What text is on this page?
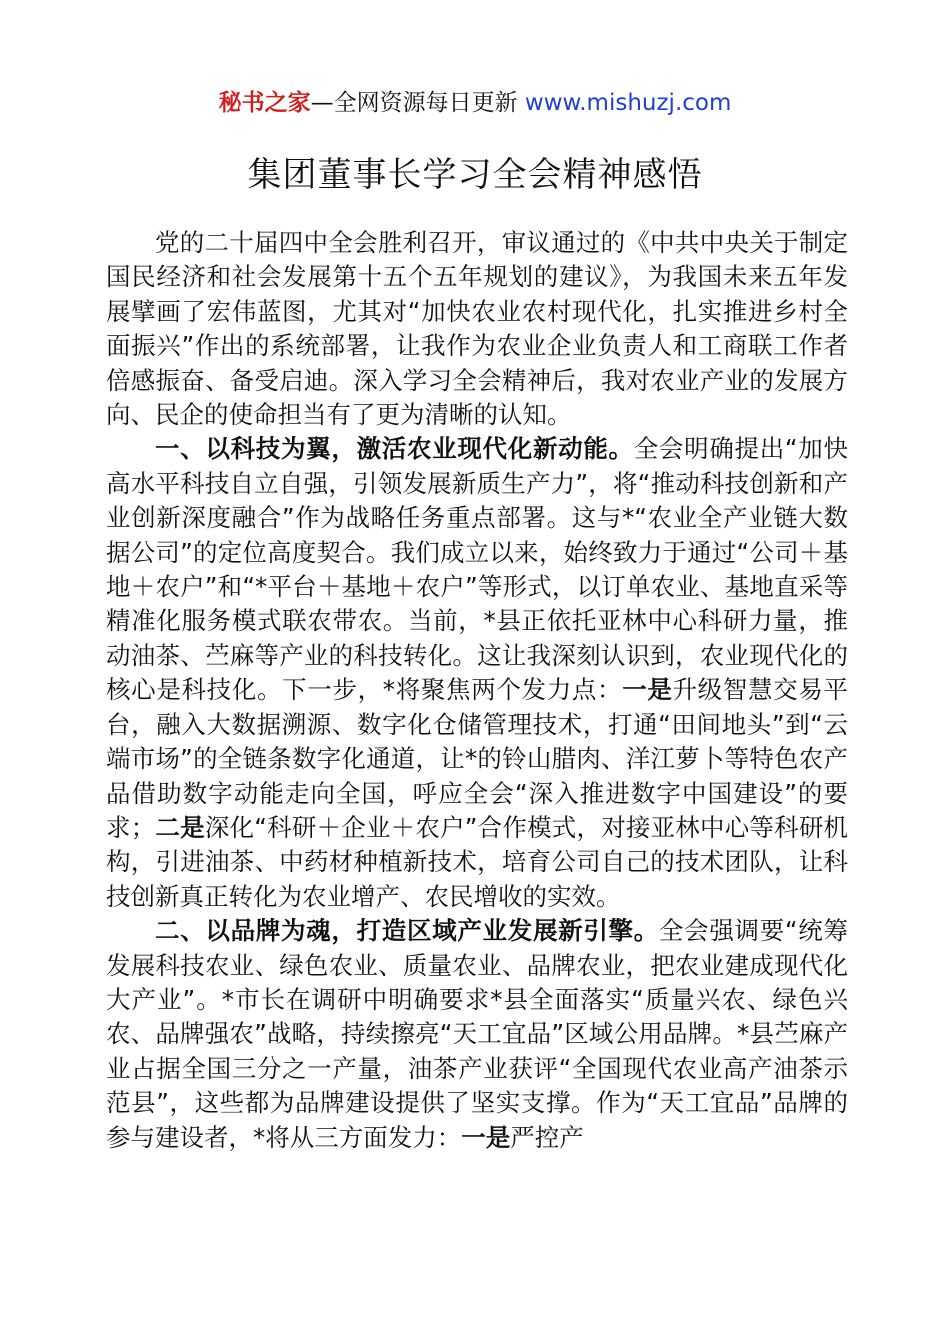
秘书之家—全网资源每日更新 www.mishuzj.com
集团董事长学习全会精神感悟

党的二十届四中全会胜利召开，审议通过的《中共中央关于制定国民经济和社会发展第十五个五年规划的建议》，为我国未来五年发展擘画了宏伟蓝图，尤其对“加快农业农村现代化，扎实推进乡村全面振兴”作出的系统部署，让我作为农业企业负责人和工商联工作者倍感振奋、备受启迪。深入学习全会精神后，我对农业产业的发展方向、民企的使命担当有了更为清晰的认知。

一、以科技为翼，激活农业现代化新动能。全会明确提出“加快高水平科技自立自强，引领发展新质生产力”，将“推动科技创新和产业创新深度融合”作为战略任务重点部署。这与*“农业全产业链大数据公司”的定位高度契合。我们成立以来，始终致力于通过“公司＋基地＋农户”和“*平台＋基地＋农户”等形式，以订单农业、基地直采等精准化服务模式联农带农。当前，*县正依托亚林中心科研力量，推动油茶、苎麻等产业的科技转化。这让我深刻认识到，农业现代化的核心是科技化。下一步，*将聚焦两个发力点：一是升级智慧交易平台，融入大数据溯源、数字化仓储管理技术，打通“田间地头”到“云端市场”的全链条数字化通道，让*的铃山腊肉、洋江萝卜等特色农产品借助数字动能走向全国，呼应全会“深入推进数字中国建设”的要求；二是深化“科研＋企业＋农户”合作模式，对接亚林中心等科研机构，引进油茶、中药材种植新技术，培育公司自己的技术团队，让科技创新真正转化为农业增产、农民增收的实效。

二、以品牌为魂，打造区域产业发展新引擎。全会强调要“统筹发展科技农业、绿色农业、质量农业、品牌农业，把农业建成现代化大产业”。*市长在调研中明确要求*县全面落实“质量兴农、绿色兴农、品牌强农”战略，持续擦亮“天工宜品”区域公用品牌。*县苎麻产业占据全国三分之一产量，油茶产业获评“全国现代农业高产油茶示范县”，这些都为品牌建设提供了坚实支撑。作为“天工宜品”品牌的参与建设者，*将从三方面发力：一是严控产
